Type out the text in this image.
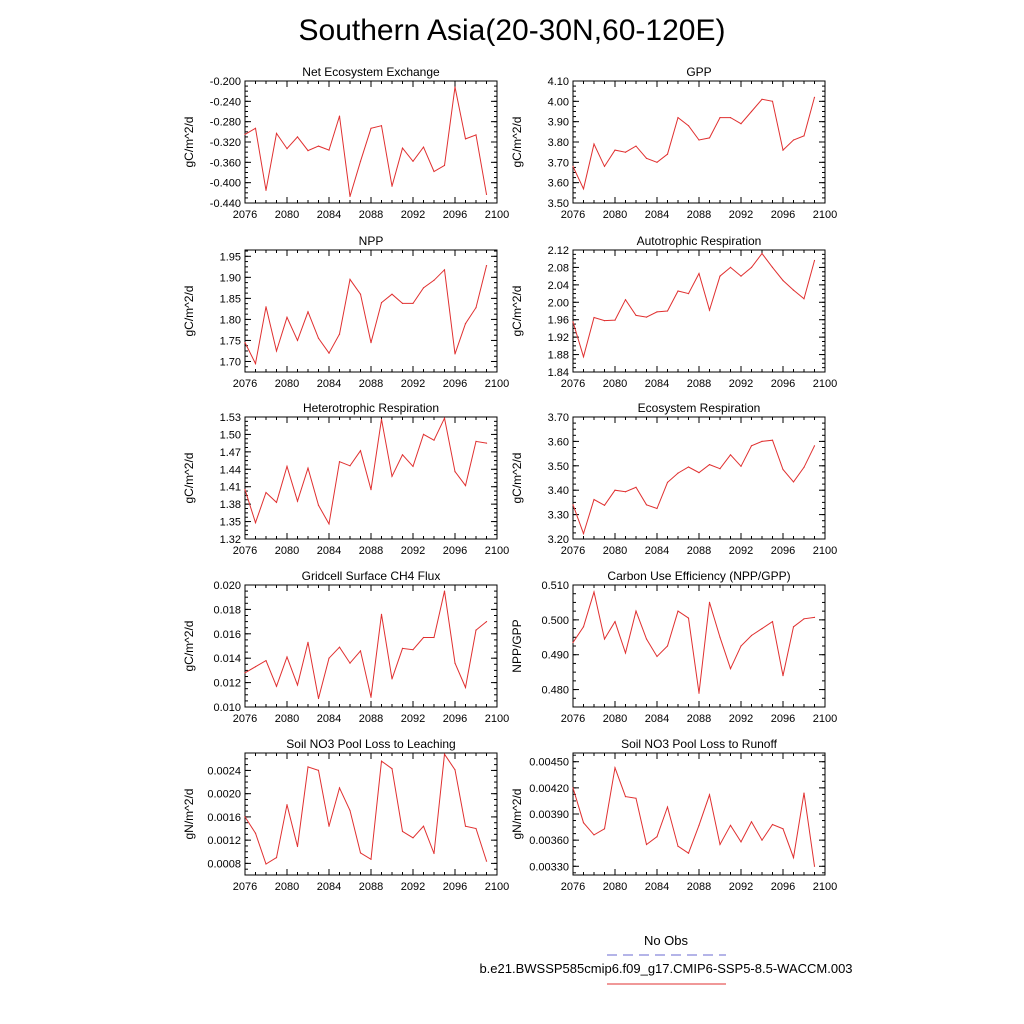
Southern Asia(20-30N,60-120E)
Net Ecosystem Exchange
2076 2080 2084 2088 2092 2096 2100
-0.440
-0.400
-0.360
-0.320
-0.280
-0.240
-0.200
gC/m^2/d
GPP
2076 2080 2084 2088 2092 2096 2100
3.50
3.60
3.70
3.80
3.90
4.00
4.10
gC/m^2/d
NPP
2076 2080 2084 2088 2092 2096 2100
1.70
1.75
1.80
1.85
1.90
1.95
gC/m^2/d
Autotrophic Respiration
2076 2080 2084 2088 2092 2096 2100
1.84
1.88
1.92
1.96
2.00
2.04
2.08
2.12
gC/m^2/d
Heterotrophic Respiration
2076 2080 2084 2088 2092 2096 2100
1.32
1.35
1.38
1.41
1.44
1.47
1.50
1.53
gC/m^2/d
Ecosystem Respiration
2076 2080 2084 2088 2092 2096 2100
3.20
3.30
3.40
3.50
3.60
3.70
gC/m^2/d
Gridcell Surface CH4 Flux
2076 2080 2084 2088 2092 2096 2100
0.010
0.012
0.014
0.016
0.018
0.020
gC/m^2/d
Carbon Use Efficiency (NPP/GPP)
2076 2080 2084 2088 2092 2096 2100
0.480
0.490
0.500
0.510
NPP/GPP
Soil NO3 Pool Loss to Leaching
2076 2080 2084 2088 2092 2096 2100
0.0008
0.0012
0.0016
0.0020
0.0024
gN/m^2/d
Soil NO3 Pool Loss to Runoff
2076 2080 2084 2088 2092 2096 2100
0.00330
0.00360
0.00390
0.00420
0.00450
gN/m^2/d
No Obs
b.e21.BWSSP585cmip6.f09_g17.CMIP6-SSP5-8.5-WACCM.003
